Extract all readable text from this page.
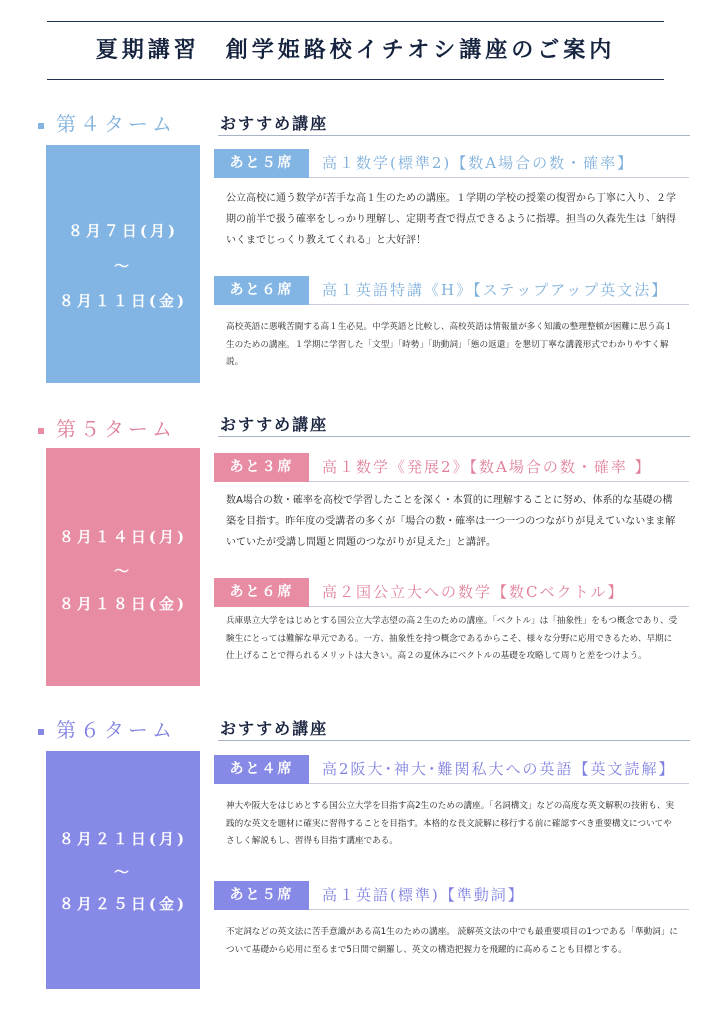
夏期講習　創学姫路校イチオシ講座のご案内
第４ターム	おすすめ講座
８月７日(月)
～
８月１１日(金)
あと５席	高１数学(標準2)【数A場合の数・確率】
公立高校に通う数学が苦手な高１生のための講座。１学期の学校の授業の復習から丁寧に入り、２学期の前半で扱う確率をしっかり理解し、定期考査で得点できるように指導。担当の久森先生は「納得いくまでじっくり教えてくれる」と大好評！
あと６席	高１英語特講《H》【ステップアップ英文法】
高校英語に悪戦苦闘する高１生必見。中学英語と比較し、高校英語は情報量が多く知識の整理整頓が困難に思う高１生のための講座。１学期に学習した「文型」「時勢」「助動詞」「態の返還」を懇切丁寧な講義形式でわかりやすく解説。
第５ターム	おすすめ講座
８月１４日(月)
～
８月１８日(金)
あと３席	高１数学《発展2》【数A場合の数・確率 】
数A場合の数・確率を高校で学習したことを深く・本質的に理解することに努め、体系的な基礎の構築を目指す。昨年度の受講者の多くが「場合の数・確率は一つ一つのつながりが見えていないまま解いていたが受講し問題と問題のつながりが見えた」と講評。
あと６席	高２国公立大への数学【数Cベクトル】
兵庫県立大学をはじめとする国公立大学志望の高２生のための講座。「ベクトル」は「抽象性」をもつ概念であり、受験生にとっては難解な単元である。一方、抽象性を持つ概念であるからこそ、様々な分野に応用できるため、早期に仕上げることで得られるメリットは大きい。高２の夏休みにベクトルの基礎を攻略して周りと差をつけよう。
第６ターム	おすすめ講座
８月２１日(月)
～
８月２５日(金)
あと４席	高2阪大･神大･難関私大への英語【英文読解】
神大や阪大をはじめとする国公立大学を目指す高2生のための講座。「名詞構文」などの高度な英文解釈の技術も、実践的な英文を題材に確実に習得することを目指す。本格的な長文読解に移行する前に確認すべき重要構文についてやさしく解説もし、習得も目指す講座である。
あと５席	高１英語(標準)【準動詞】
不定詞などの英文法に苦手意識がある高1生のための講座。 読解英文法の中でも最重要項目の1つである「準動詞」について基礎から応用に至るまで5日間で網羅し、英文の構造把握力を飛躍的に高めることも目標とする。
